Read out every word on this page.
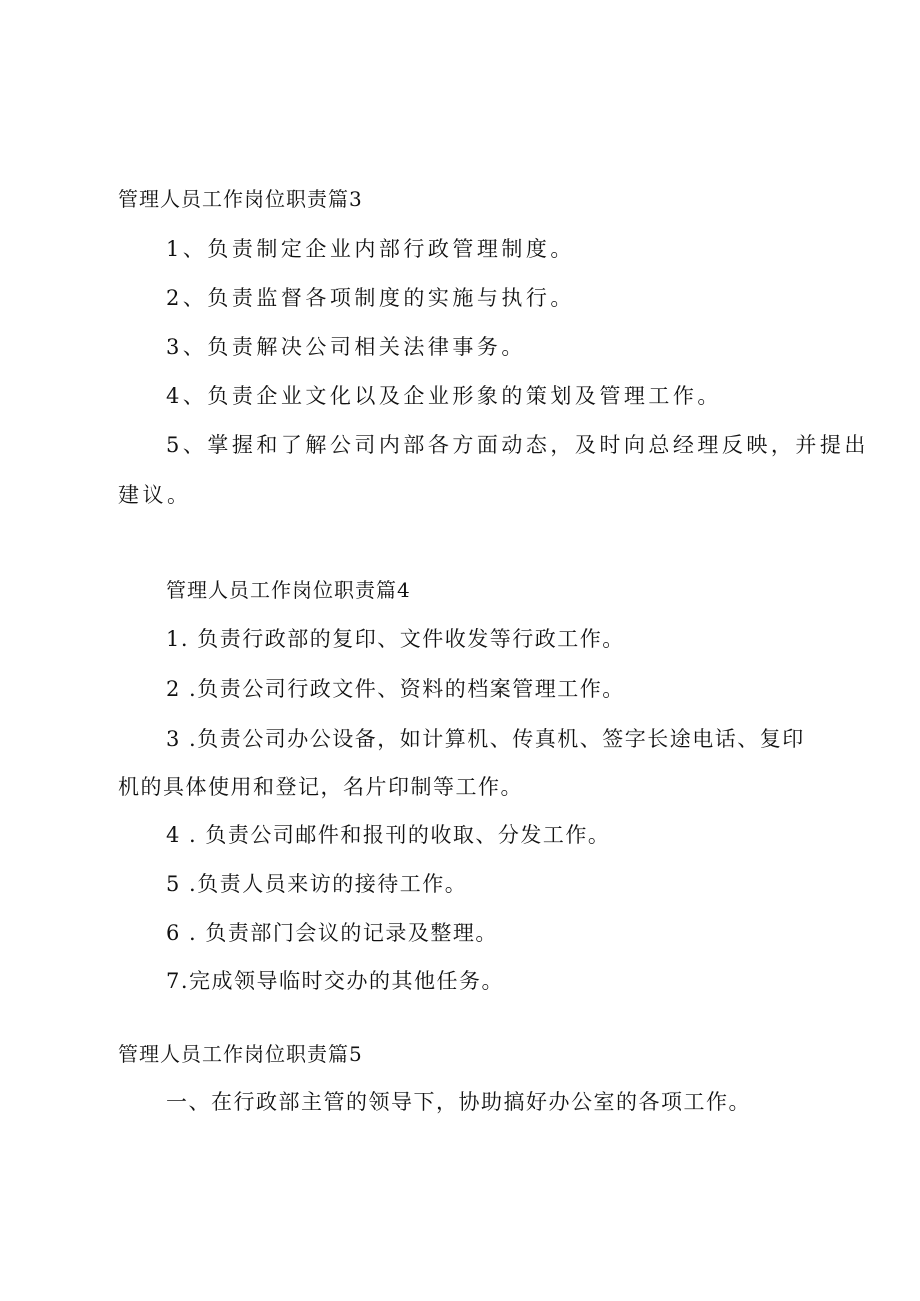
管理人员工作岗位职责篇3

1、负责制定企业内部行政管理制度。

2、负责监督各项制度的实施与执行。

3、负责解决公司相关法律事务。

4、负责企业文化以及企业形象的策划及管理工作。

5、掌握和了解公司内部各方面动态，及时向总经理反映，并提出

建议。

管理人员工作岗位职责篇4

1. 负责行政部的复印、文件收发等行政工作。

2 .负责公司行政文件、资料的档案管理工作。

3 .负责公司办公设备，如计算机、传真机、签字长途电话、复印

机的具体使用和登记，名片印制等工作。

4 . 负责公司邮件和报刊的收取、分发工作。

5 .负责人员来访的接待工作。

6 . 负责部门会议的记录及整理。

7.完成领导临时交办的其他任务。

管理人员工作岗位职责篇5

一、在行政部主管的领导下，协助搞好办公室的各项工作。
